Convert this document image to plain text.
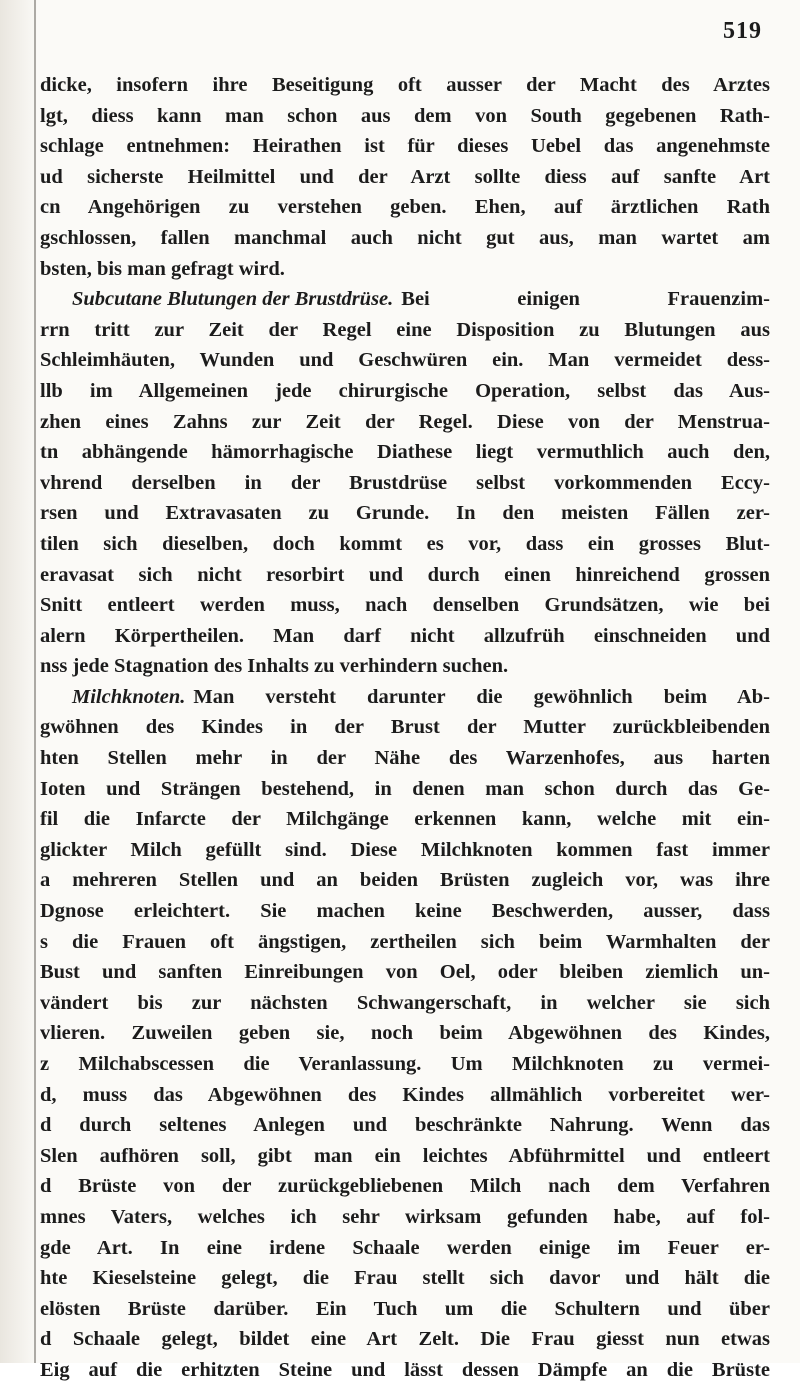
519

dicke, insofern ihre Beseitigung oft ausser der Macht des Arztes
lgt, diess kann man schon aus dem von South gegebenen Rath-
schlage entnehmen: Heirathen ist für dieses Uebel das angenehmste
ud sicherste Heilmittel und der Arzt sollte diess auf sanfte Art
cn Angehörigen zu verstehen geben. Ehen, auf ärztlichen Rath
gschlossen, fallen manchmal auch nicht gut aus, man wartet am
bsten, bis man gefragt wird.
Subcutane Blutungen der Brustdrüse. Bei einigen Frauenzim-
rrn tritt zur Zeit der Regel eine Disposition zu Blutungen aus
Schleimhäuten, Wunden und Geschwüren ein. Man vermeidet dess-
llb im Allgemeinen jede chirurgische Operation, selbst das Aus-
zhen eines Zahns zur Zeit der Regel. Diese von der Menstrua-
tn abhängende hämorrhagische Diathese liegt vermuthlich auch den,
vhrend derselben in der Brustdrüse selbst vorkommenden Eccy-
rsen und Extravasaten zu Grunde. In den meisten Fällen zer-
tilen sich dieselben, doch kommt es vor, dass ein grosses Blut-
eravasat sich nicht resorbirt und durch einen hinreichend grossen
Snitt entleert werden muss, nach denselben Grundsätzen, wie bei
alern Körpertheilen. Man darf nicht allzufrüh einschneiden und
nss jede Stagnation des Inhalts zu verhindern suchen.
Milchknoten. Man versteht darunter die gewöhnlich beim Ab-
gwöhnen des Kindes in der Brust der Mutter zurückbleibenden
hten Stellen mehr in der Nähe des Warzenhofes, aus harten
Ioten und Strängen bestehend, in denen man schon durch das Ge-
fil die Infarcte der Milchgänge erkennen kann, welche mit ein-
glickter Milch gefüllt sind. Diese Milchknoten kommen fast immer
a mehreren Stellen und an beiden Brüsten zugleich vor, was ihre
Dgnose erleichtert. Sie machen keine Beschwerden, ausser, dass
s die Frauen oft ängstigen, zertheilen sich beim Warmhalten der
Bust und sanften Einreibungen von Oel, oder bleiben ziemlich un-
vändert bis zur nächsten Schwangerschaft, in welcher sie sich
vlieren. Zuweilen geben sie, noch beim Abgewöhnen des Kindes,
z Milchabscessen die Veranlassung. Um Milchknoten zu vermei-
d, muss das Abgewöhnen des Kindes allmählich vorbereitet wer-
d durch seltenes Anlegen und beschränkte Nahrung. Wenn das
Slen aufhören soll, gibt man ein leichtes Abführmittel und entleert
d Brüste von der zurückgebliebenen Milch nach dem Verfahren
mnes Vaters, welches ich sehr wirksam gefunden habe, auf fol-
gde Art. In eine irdene Schaale werden einige im Feuer er-
hte Kieselsteine gelegt, die Frau stellt sich davor und hält die
elösten Brüste darüber. Ein Tuch um die Schultern und über
d Schaale gelegt, bildet eine Art Zelt. Die Frau giesst nun etwas
Eig auf die erhitzten Steine und lässt dessen Dämpfe an die Brüste
